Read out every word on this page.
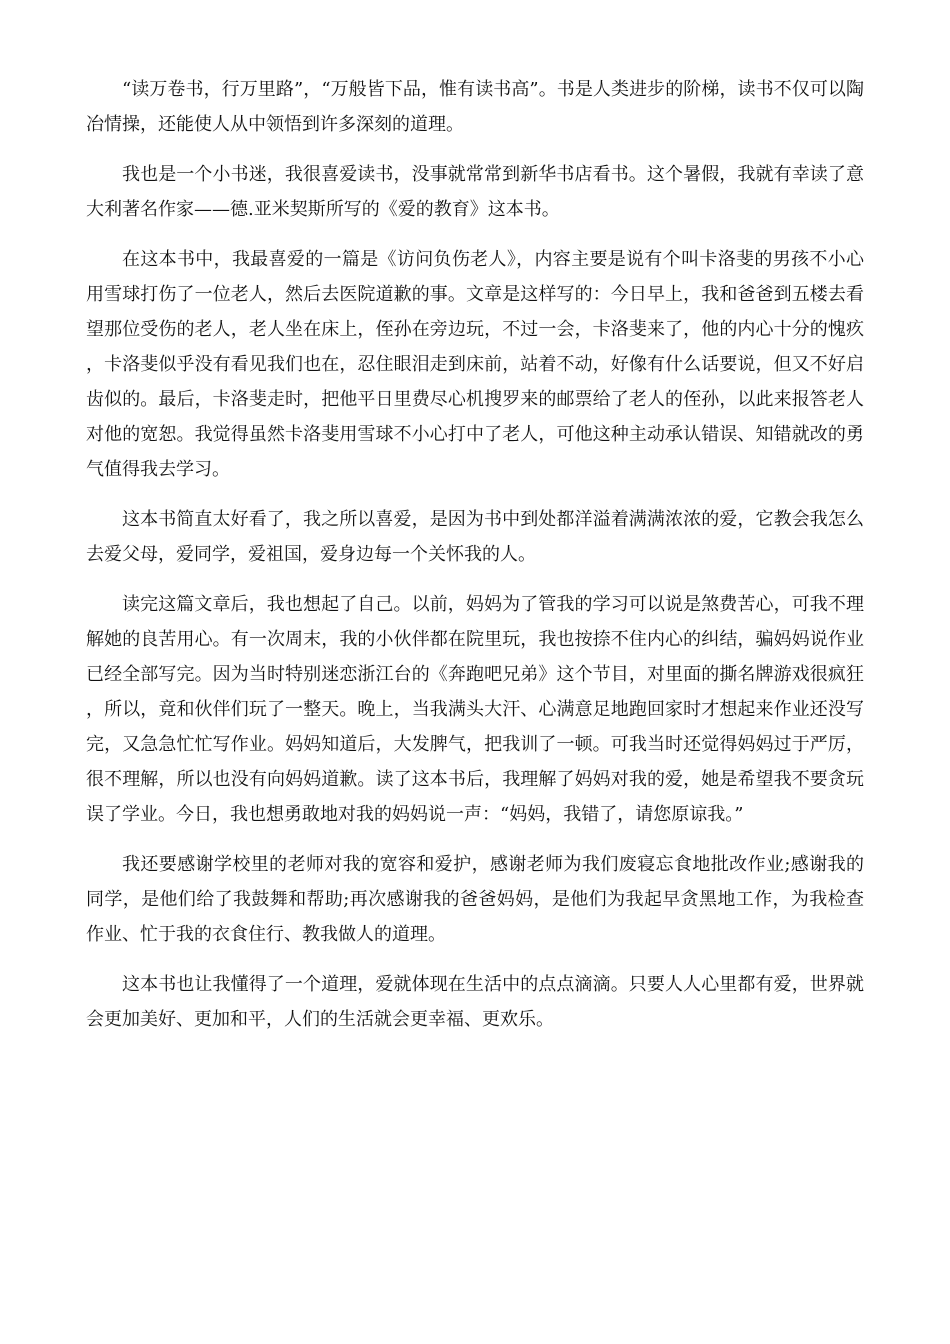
“读万卷书，行万里路”，“万般皆下品，惟有读书高”。书是人类进步的阶梯，读书不仅可以陶冶情操，还能使人从中领悟到许多深刻的道理。

我也是一个小书迷，我很喜爱读书，没事就常常到新华书店看书。这个暑假，我就有幸读了意大利著名作家——德.亚米契斯所写的《爱的教育》这本书。

在这本书中，我最喜爱的一篇是《访问负伤老人》，内容主要是说有个叫卡洛斐的男孩不小心用雪球打伤了一位老人，然后去医院道歉的事。文章是这样写的：今日早上，我和爸爸到五楼去看望那位受伤的老人，老人坐在床上，侄孙在旁边玩，不过一会，卡洛斐来了，他的内心十分的愧疚，卡洛斐似乎没有看见我们也在，忍住眼泪走到床前，站着不动，好像有什么话要说，但又不好启齿似的。最后，卡洛斐走时，把他平日里费尽心机搜罗来的邮票给了老人的侄孙，以此来报答老人对他的宽恕。我觉得虽然卡洛斐用雪球不小心打中了老人，可他这种主动承认错误、知错就改的勇气值得我去学习。

这本书简直太好看了，我之所以喜爱，是因为书中到处都洋溢着满满浓浓的爱，它教会我怎么去爱父母，爱同学，爱祖国，爱身边每一个关怀我的人。

读完这篇文章后，我也想起了自己。以前，妈妈为了管我的学习可以说是煞费苦心，可我不理解她的良苦用心。有一次周末，我的小伙伴都在院里玩，我也按捺不住内心的纠结，骗妈妈说作业已经全部写完。因为当时特别迷恋浙江台的《奔跑吧兄弟》这个节目，对里面的撕名牌游戏很疯狂，所以，竟和伙伴们玩了一整天。晚上，当我满头大汗、心满意足地跑回家时才想起来作业还没写完，又急急忙忙写作业。妈妈知道后，大发脾气，把我训了一顿。可我当时还觉得妈妈过于严厉，很不理解，所以也没有向妈妈道歉。读了这本书后，我理解了妈妈对我的爱，她是希望我不要贪玩误了学业。今日，我也想勇敢地对我的妈妈说一声：“妈妈，我错了，请您原谅我。”

我还要感谢学校里的老师对我的宽容和爱护，感谢老师为我们废寝忘食地批改作业;感谢我的同学，是他们给了我鼓舞和帮助;再次感谢我的爸爸妈妈，是他们为我起早贪黑地工作，为我检查作业、忙于我的衣食住行、教我做人的道理。

这本书也让我懂得了一个道理，爱就体现在生活中的点点滴滴。只要人人心里都有爱，世界就会更加美好、更加和平，人们的生活就会更幸福、更欢乐。
